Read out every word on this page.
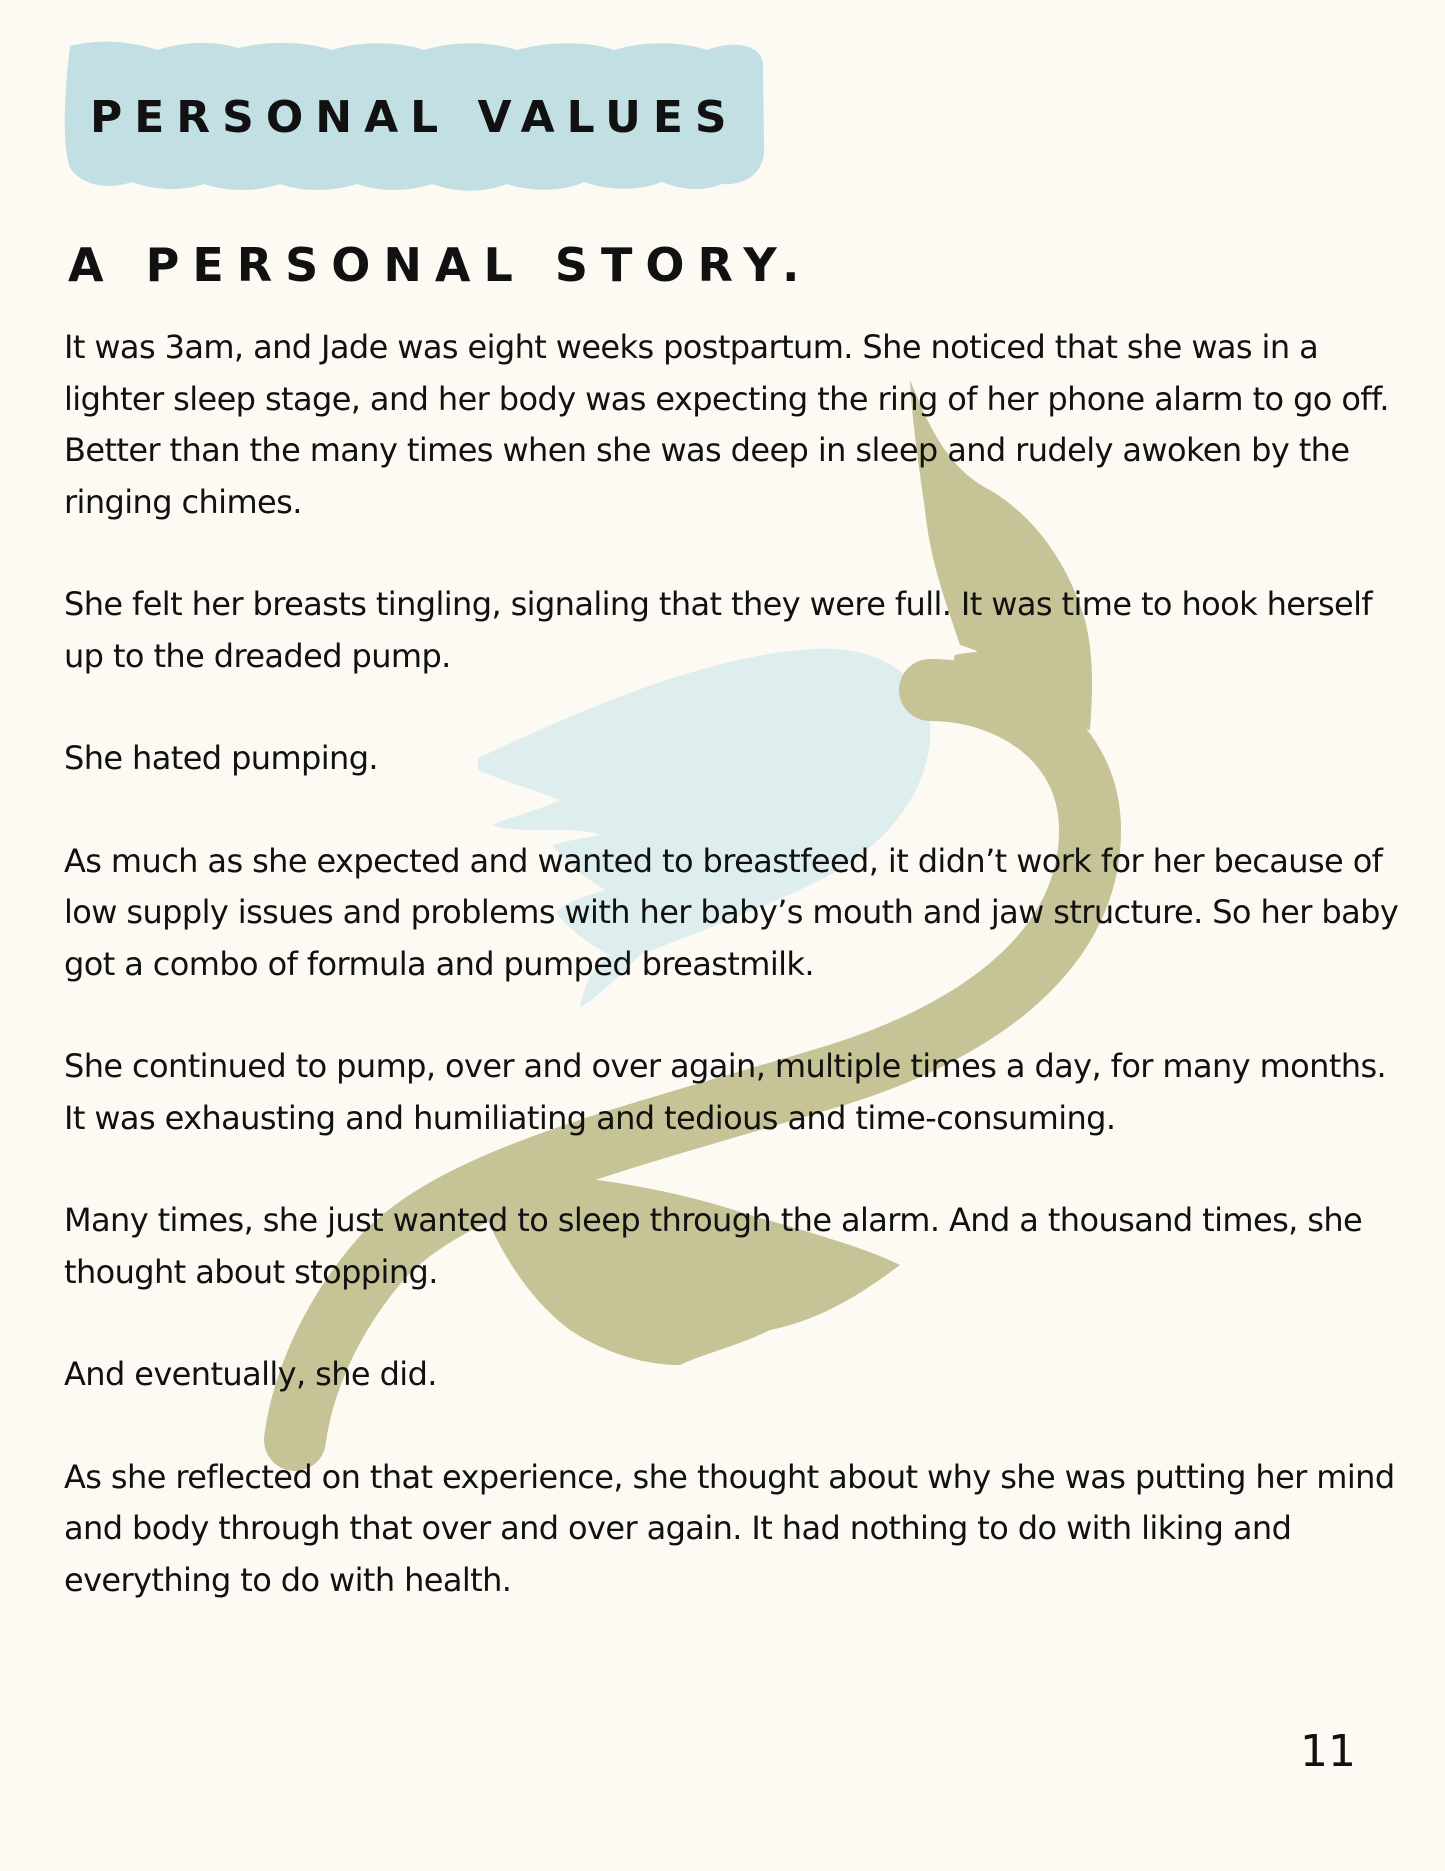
PERSONAL VALUES
A PERSONAL STORY.

It was 3am, and Jade was eight weeks postpartum. She noticed that she was in a lighter sleep stage, and her body was expecting the ring of her phone alarm to go off. Better than the many times when she was deep in sleep and rudely awoken by the ringing chimes.

She felt her breasts tingling, signaling that they were full. It was time to hook herself up to the dreaded pump.

She hated pumping.

As much as she expected and wanted to breastfeed, it didn’t work for her because of low supply issues and problems with her baby’s mouth and jaw structure. So her baby got a combo of formula and pumped breastmilk.

She continued to pump, over and over again, multiple times a day, for many months. It was exhausting and humiliating and tedious and time-consuming.

Many times, she just wanted to sleep through the alarm. And a thousand times, she thought about stopping.

And eventually, she did.

As she reflected on that experience, she thought about why she was putting her mind and body through that over and over again. It had nothing to do with liking and everything to do with health.

11
